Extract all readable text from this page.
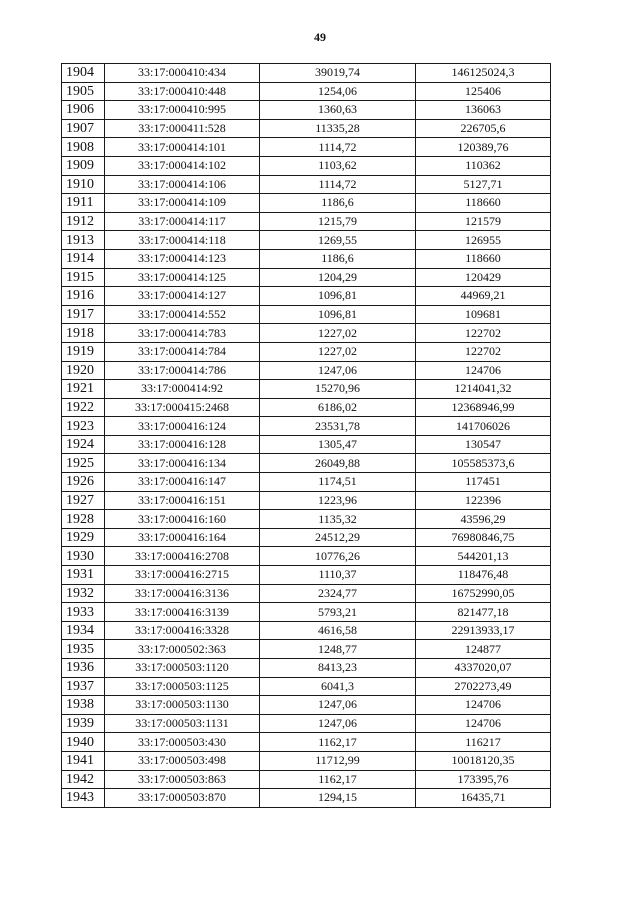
49
1904	33:17:000410:434	39019,74	146125024,3
1905	33:17:000410:448	1254,06	125406
1906	33:17:000410:995	1360,63	136063
1907	33:17:000411:528	11335,28	226705,6
1908	33:17:000414:101	1114,72	120389,76
1909	33:17:000414:102	1103,62	110362
1910	33:17:000414:106	1114,72	5127,71
1911	33:17:000414:109	1186,6	118660
1912	33:17:000414:117	1215,79	121579
1913	33:17:000414:118	1269,55	126955
1914	33:17:000414:123	1186,6	118660
1915	33:17:000414:125	1204,29	120429
1916	33:17:000414:127	1096,81	44969,21
1917	33:17:000414:552	1096,81	109681
1918	33:17:000414:783	1227,02	122702
1919	33:17:000414:784	1227,02	122702
1920	33:17:000414:786	1247,06	124706
1921	33:17:000414:92	15270,96	1214041,32
1922	33:17:000415:2468	6186,02	12368946,99
1923	33:17:000416:124	23531,78	141706026
1924	33:17:000416:128	1305,47	130547
1925	33:17:000416:134	26049,88	105585373,6
1926	33:17:000416:147	1174,51	117451
1927	33:17:000416:151	1223,96	122396
1928	33:17:000416:160	1135,32	43596,29
1929	33:17:000416:164	24512,29	76980846,75
1930	33:17:000416:2708	10776,26	544201,13
1931	33:17:000416:2715	1110,37	118476,48
1932	33:17:000416:3136	2324,77	16752990,05
1933	33:17:000416:3139	5793,21	821477,18
1934	33:17:000416:3328	4616,58	22913933,17
1935	33:17:000502:363	1248,77	124877
1936	33:17:000503:1120	8413,23	4337020,07
1937	33:17:000503:1125	6041,3	2702273,49
1938	33:17:000503:1130	1247,06	124706
1939	33:17:000503:1131	1247,06	124706
1940	33:17:000503:430	1162,17	116217
1941	33:17:000503:498	11712,99	10018120,35
1942	33:17:000503:863	1162,17	173395,76
1943	33:17:000503:870	1294,15	16435,71
